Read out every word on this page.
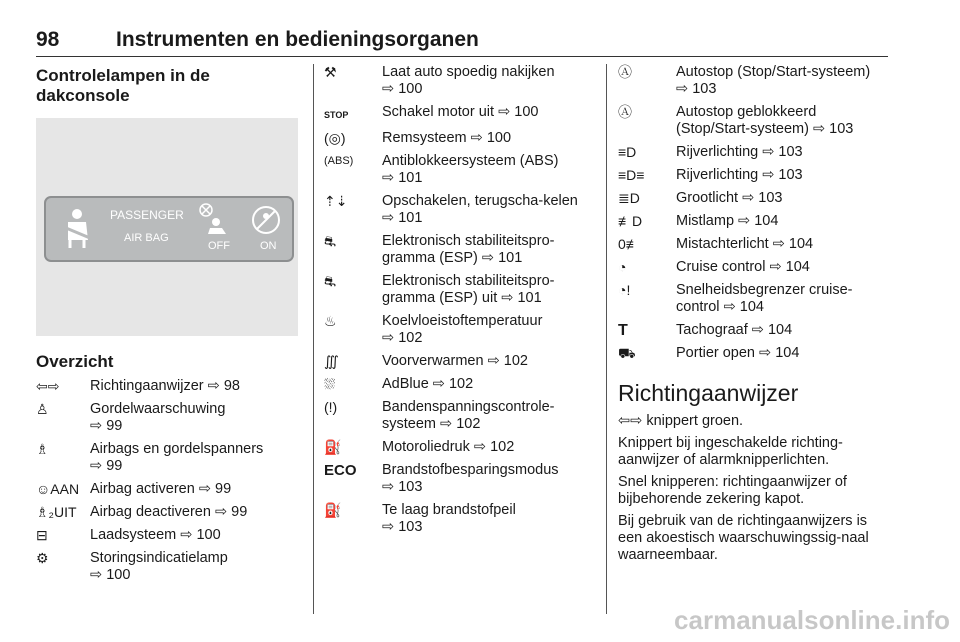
98	Instrumenten en bedieningsorganen
Controlelampen in de dakconsole
PASSENGER
AIR BAG
OFF	ON
Overzicht
⇦⇨	Richtingaanwijzer ⇨ 98
♙	Gordelwaarschuwing
⇨ 99
♗	Airbags en gordelspanners
⇨ 99
☺AAN Airbag activeren ⇨ 99
♗₂UIT Airbag deactiveren ⇨ 99
⊟	Laadsysteem ⇨ 100
⚙	Storingsindicatielamp
⇨ 100
⚒	Laat auto spoedig nakijken
⇨ 100
STOP	Schakel motor uit ⇨ 100
(◎)	Remsysteem ⇨ 100
(ABS)	Antiblokkeersysteem (ABS)
⇨ 101
⇡⇣	Opschakelen, terugscha-kelen ⇨ 101
⛐	Elektronisch stabiliteitspro-gramma (ESP) ⇨ 101
⛐	Elektronisch stabiliteitspro-gramma (ESP) uit ⇨ 101
♨	Koelvloeistoftemperatuur
⇨ 102
∭	Voorverwarmen ⇨ 102
⛆	AdBlue ⇨ 102
(!)	Bandenspanningscontrole-systeem ⇨ 102
⛽	Motoroliedruk ⇨ 102
ECO	Brandstofbesparingsmodus
⇨ 103
⛽	Te laag brandstofpeil
⇨ 103
Ⓐ	Autostop (Stop/Start-systeem) ⇨ 103
Ⓐ	Autostop geblokkeerd (Stop/Start-systeem) ⇨ 103
≡D	Rijverlichting ⇨ 103
≡D≡	Rijverlichting ⇨ 103
≣D	Grootlicht ⇨ 103
≢D	Mistlamp ⇨ 104
0≢	Mistachterlicht ⇨ 104
◔	Cruise control ⇨ 104
◔!	Snelheidsbegrenzer cruise-control ⇨ 104
T	Tachograaf ⇨ 104
⛟	Portier open ⇨ 104
Richtingaanwijzer
⇦⇨ knippert groen.
Knippert bij ingeschakelde richting-aanwijzer of alarmknipperlichten.
Snel knipperen: richtingaanwijzer of bijbehorende zekering kapot.
Bij gebruik van de richtingaanwijzers is een akoestisch waarschuwingssig-naal waarneembaar.
carmanualsonline.info
